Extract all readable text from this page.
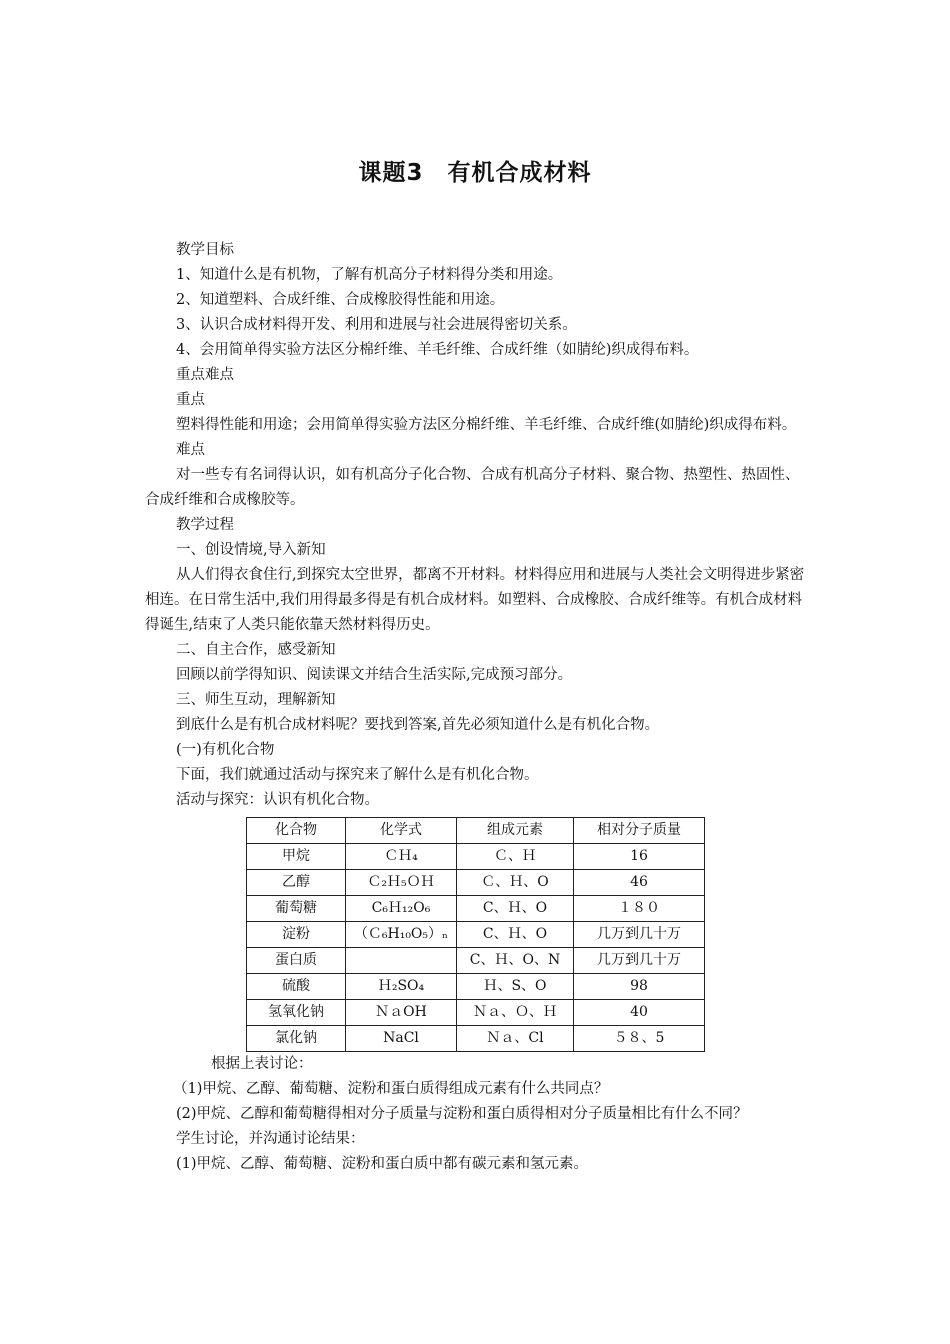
课题3　有机合成材料

教学目标

1、知道什么是有机物，了解有机高分子材料得分类和用途。

2、知道塑料、合成纤维、合成橡胶得性能和用途。

3、认识合成材料得开发、利用和进展与社会进展得密切关系。

4、会用简单得实验方法区分棉纤维、羊毛纤维、合成纤维（如腈纶)织成得布料。

重点难点

重点

塑料得性能和用途；会用简单得实验方法区分棉纤维、羊毛纤维、合成纤维(如腈纶)织成得布料。

难点

对一些专有名词得认识，如有机高分子化合物、合成有机高分子材料、聚合物、热塑性、热固性、合成纤维和合成橡胶等。

教学过程

一、创设情境,导入新知

从人们得衣食住行,到探究太空世界，都离不开材料。材料得应用和进展与人类社会文明得进步紧密相连。在日常生活中,我们用得最多得是有机合成材料。如塑料、合成橡胶、合成纤维等。有机合成材料得诞生,结束了人类只能依靠天然材料得历史。

二、自主合作，感受新知

回顾以前学得知识、阅读课文并结合生活实际,完成预习部分。

三、师生互动，理解新知

到底什么是有机合成材料呢？要找到答案,首先必须知道什么是有机化合物。

(一)有机化合物

下面，我们就通过活动与探究来了解什么是有机化合物。

活动与探究：认识有机化合物。

化合物	化学式	组成元素	相对分子质量
甲烷	ＣＨ₄	Ｃ、Ｈ	16
乙醇	Ｃ₂Ｈ₅ＯＨ	Ｃ、Ｈ、O	46
葡萄糖	C₆Ｈ₁₂O₆	C、Ｈ、O	１８０
淀粉	（Ｃ₆H₁₀O₅）ₙ	C、Ｈ、O	几万到几十万
蛋白质		C、Ｈ、O、N	几万到几十万
硫酸	Ｈ₂SO₄	Ｈ、S、O	98
氢氧化钠	ＮａOH	Ｎａ、Ｏ、Ｈ	40
氯化钠	NaCl	Ｎａ、Cl	５８、5

根据上表讨论：

（1)甲烷、乙醇、葡萄糖、淀粉和蛋白质得组成元素有什么共同点？

(2)甲烷、乙醇和葡萄糖得相对分子质量与淀粉和蛋白质得相对分子质量相比有什么不同？

学生讨论，并沟通讨论结果：

(1)甲烷、乙醇、葡萄糖、淀粉和蛋白质中都有碳元素和氢元素。
